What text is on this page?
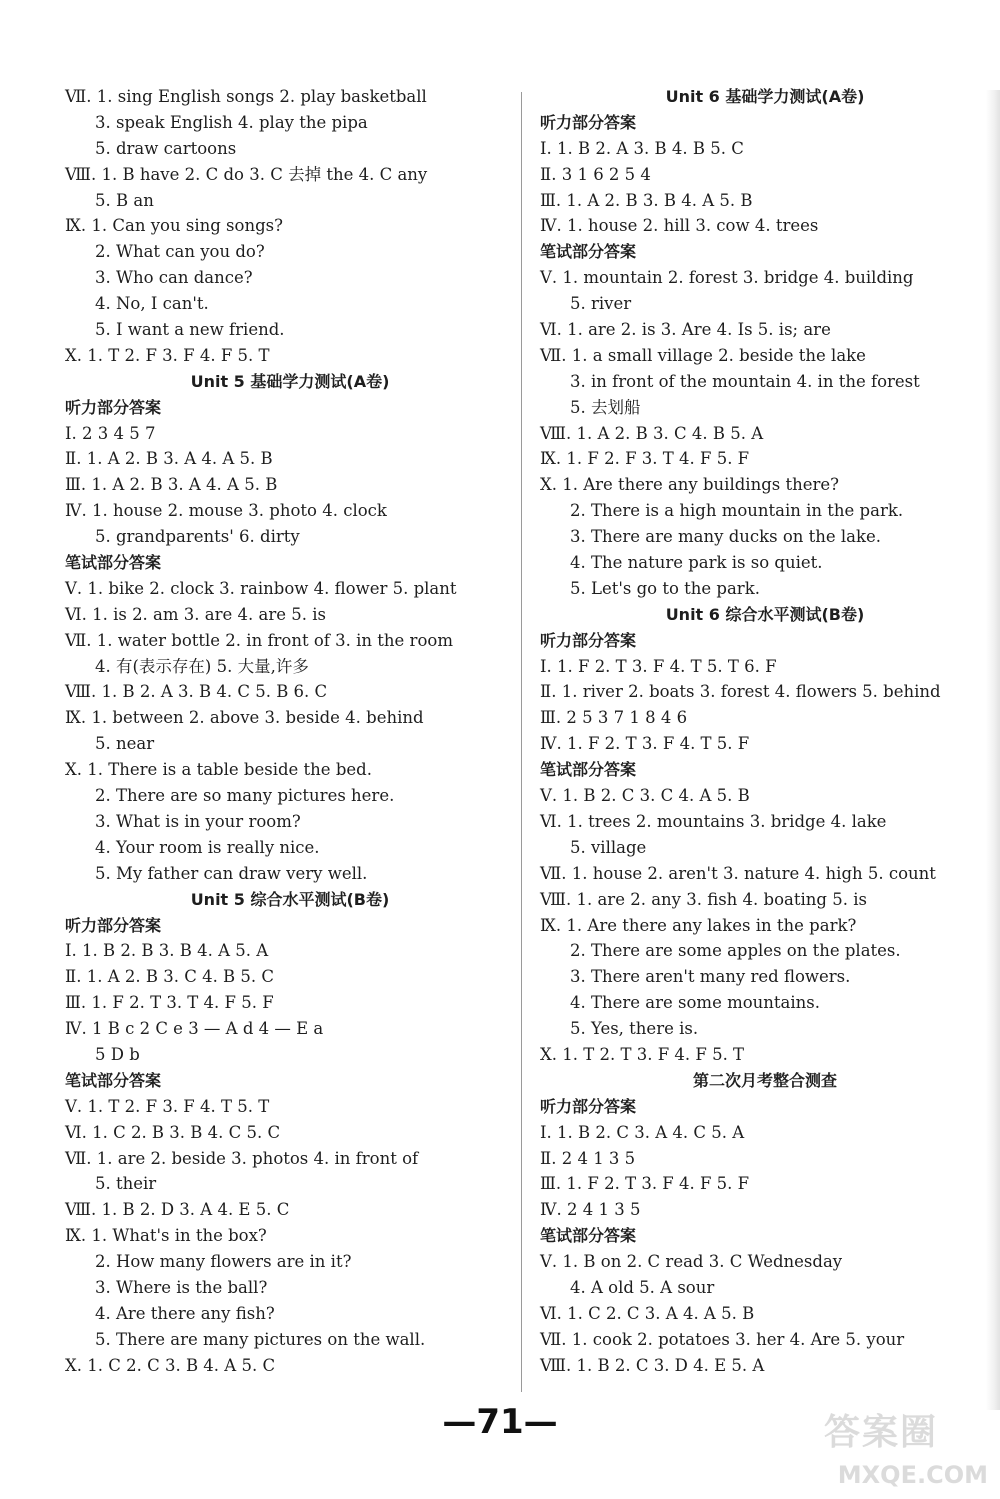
Ⅶ. 1. sing English songs 2. play basketball
3. speak English 4. play the pipa
5. draw cartoons
Ⅷ. 1. B have 2. C do 3. C 去掉 the 4. C any
5. B an
Ⅸ. 1. Can you sing songs?
2. What can you do?
3. Who can dance?
4. No, I can't.
5. I want a new friend.
Ⅹ. 1. T 2. F 3. F 4. F 5. T
Unit 5 基础学力测试(A卷)
听力部分答案
Ⅰ. 2 3 4 5 7
Ⅱ. 1. A 2. B 3. A 4. A 5. B
Ⅲ. 1. A 2. B 3. A 4. A 5. B
Ⅳ. 1. house 2. mouse 3. photo 4. clock
5. grandparents' 6. dirty
笔试部分答案
Ⅴ. 1. bike 2. clock 3. rainbow 4. flower 5. plant
Ⅵ. 1. is 2. am 3. are 4. are 5. is
Ⅶ. 1. water bottle 2. in front of 3. in the room
4. 有(表示存在) 5. 大量,许多
Ⅷ. 1. B 2. A 3. B 4. C 5. B 6. C
Ⅸ. 1. between 2. above 3. beside 4. behind
5. near
Ⅹ. 1. There is a table beside the bed.
2. There are so many pictures here.
3. What is in your room?
4. Your room is really nice.
5. My father can draw very well.
Unit 5 综合水平测试(B卷)
听力部分答案
Ⅰ. 1. B 2. B 3. B 4. A 5. A
Ⅱ. 1. A 2. B 3. C 4. B 5. C
Ⅲ. 1. F 2. T 3. T 4. F 5. F
Ⅳ. 1 B c 2 C e 3 — A d 4 — E a
5 D b
笔试部分答案
Ⅴ. 1. T 2. F 3. F 4. T 5. T
Ⅵ. 1. C 2. B 3. B 4. C 5. C
Ⅶ. 1. are 2. beside 3. photos 4. in front of
5. their
Ⅷ. 1. B 2. D 3. A 4. E 5. C
Ⅸ. 1. What's in the box?
2. How many flowers are in it?
3. Where is the ball?
4. Are there any fish?
5. There are many pictures on the wall.
Ⅹ. 1. C 2. C 3. B 4. A 5. C
Unit 6 基础学力测试(A卷)
听力部分答案
Ⅰ. 1. B 2. A 3. B 4. B 5. C
Ⅱ. 3 1 6 2 5 4
Ⅲ. 1. A 2. B 3. B 4. A 5. B
Ⅳ. 1. house 2. hill 3. cow 4. trees
笔试部分答案
Ⅴ. 1. mountain 2. forest 3. bridge 4. building
5. river
Ⅵ. 1. are 2. is 3. Are 4. Is 5. is; are
Ⅶ. 1. a small village 2. beside the lake
3. in front of the mountain 4. in the forest
5. 去划船
Ⅷ. 1. A 2. B 3. C 4. B 5. A
Ⅸ. 1. F 2. F 3. T 4. F 5. F
Ⅹ. 1. Are there any buildings there?
2. There is a high mountain in the park.
3. There are many ducks on the lake.
4. The nature park is so quiet.
5. Let's go to the park.
Unit 6 综合水平测试(B卷)
听力部分答案
Ⅰ. 1. F 2. T 3. F 4. T 5. T 6. F
Ⅱ. 1. river 2. boats 3. forest 4. flowers 5. behind
Ⅲ. 2 5 3 7 1 8 4 6
Ⅳ. 1. F 2. T 3. F 4. T 5. F
笔试部分答案
Ⅴ. 1. B 2. C 3. C 4. A 5. B
Ⅵ. 1. trees 2. mountains 3. bridge 4. lake
5. village
Ⅶ. 1. house 2. aren't 3. nature 4. high 5. count
Ⅷ. 1. are 2. any 3. fish 4. boating 5. is
Ⅸ. 1. Are there any lakes in the park?
2. There are some apples on the plates.
3. There aren't many red flowers.
4. There are some mountains.
5. Yes, there is.
Ⅹ. 1. T 2. T 3. F 4. F 5. T
第二次月考整合测查
听力部分答案
Ⅰ. 1. B 2. C 3. A 4. C 5. A
Ⅱ. 2 4 1 3 5
Ⅲ. 1. F 2. T 3. F 4. F 5. F
Ⅳ. 2 4 1 3 5
笔试部分答案
Ⅴ. 1. B on 2. C read 3. C Wednesday
4. A old 5. A sour
Ⅵ. 1. C 2. C 3. A 4. A 5. B
Ⅶ. 1. cook 2. potatoes 3. her 4. Are 5. your
Ⅷ. 1. B 2. C 3. D 4. E 5. A
—71—	答案圈
MXQE.COM
